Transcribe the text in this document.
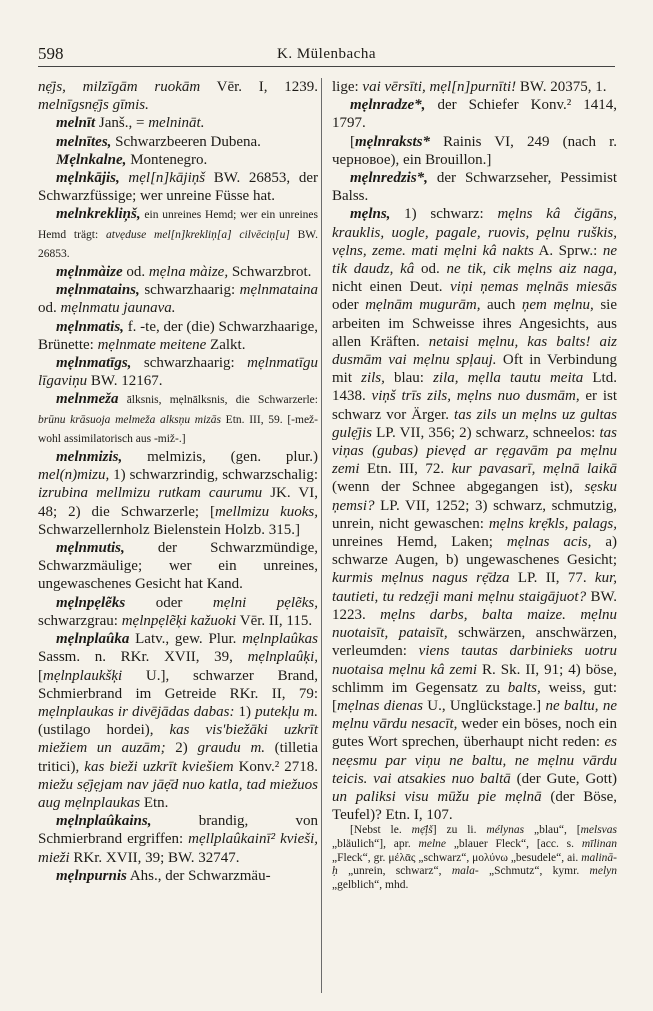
598	K. Mülenbacha

nẹ̄js, milzīgām ruokām Vēr. I, 1239. melnīgsnẹ̄js gīmis.

melnīt Janš., = melnināt.

melnītes, Schwarzbeeren Dubena.

Mẹlnkalne, Montenegro.

mẹlnkājis, mẹl[n]kājiņš BW. 26853, der Schwarzfüssige; wer unreine Füsse hat.

melnkrekliņš, ein unreines Hemd; wer ein unreines Hemd trägt: atvẹduse mel[n]krekliņ[a] cilvēciņ[u] BW. 26853.

mẹlnmàize od. mẹlna màize, Schwarzbrot.

mẹlnmatains, schwarzhaarig: mẹlnmataina od. mẹlnmatu jaunava.

mẹlnmatis, f. -te, der (die) Schwarzhaarige, Brünette: mẹlnmate meitene Zalkt.

mẹlnmatīgs, schwarzhaarig: mẹlnmatīgu līgaviņu BW. 12167.

melnmeža ālksnis, mẹlnālksnis, die Schwarzerle: brūnu krāsuoja melmeža alksņu mizās Etn. III, 59. [-mež- wohl assimilatorisch aus -miž-.]

melnmizis, melmizis, (gen. plur.) mel(n)mizu, 1) schwarzrindig, schwarzschalig: izrubina mellmizu rutkam caurumu JK. VI, 48; 2) die Schwarzerle; [mellmizu kuoks, Schwarzellernholz Bielenstein Holzb. 315.]

mẹlnmutis, der Schwarzmündige, Schwarzmäulige; wer ein unreines, ungewaschenes Gesicht hat Kand.

mẹlnpẹlẽks oder mẹlni pẹlẽks, schwarzgrau: mẹlnpẹlẽķi kažuoki Vēr. II, 115.

mẹlnplaûka Latv., gew. Plur. mẹlnplaûkas Sassm. n. RKr. XVII, 39, mẹlnplaûķi, [mẹlnplaukšķi U.], schwarzer Brand, Schmierbrand im Getreide RKr. II, 79: mẹlnplaukas ir divējādas dabas: 1) putekļu m. (ustilago hordei), kas vis'biežāki uzkrīt miežiem un auzām; 2) graudu m. (tilletia tritici), kas bieži uzkrīt kviešiem Konv.² 2718. miežu sẹ̄jẹjam nav jāẹ̄d nuo katla, tad miežuos aug mẹlnplaukas Etn.

mẹlnplaûkains, brandig, von Schmierbrand ergriffen: mẹllplaûkainī² kvieši, mieži RKr. XVII, 39; BW. 32747.

mẹlnpurnis Ahs., der Schwarzmäu-

lige: vai vērsīti, mẹl[n]purnīti! BW. 20375, 1.

mẹlnradze*, der Schiefer Konv.² 1414, 1797.

[mẹlnraksts* Rainis VI, 249 (nach r. черновое), ein Brouillon.]

mẹlnredzis*, der Schwarzseher, Pessimist Balss.

mẹlns, 1) schwarz: mẹlns kâ čigāns, krauklis, uogle, pagale, ruovis, pẹlnu ruškis, vẹlns, zeme. mati mẹlni kâ nakts A. Sprw.: ne tik daudz, kâ od. ne tik, cik mẹlns aiz naga, nicht einen Deut. viņi ņemas mẹlnās miesās oder mẹlnām mugurām, auch ņem mẹlnu, sie arbeiten im Schweisse ihres Angesichts, aus allen Kräften. netaisi mẹlnu, kas balts! aiz dusmām vai mẹlnu spļauj. Oft in Verbindung mit zils, blau: zila, mẹlla tautu meita Ltd. 1438. viņš trīs zils, mẹlns nuo dusmām, er ist schwarz vor Ärger. tas zils un mẹlns uz gultas gulẹ̄jis LP. VII, 356; 2) schwarz, schneelos: tas viņas (gubas) pievẹd ar rẹgavām pa mẹlnu zemi Etn. III, 72. kur pavasarī, mẹlnā laikā (wenn der Schnee abgegangen ist), sẹsku ņemsi? LP. VII, 1252; 3) schwarz, schmutzig, unrein, nicht gewaschen: mẹlns krẹ̄kls, palags, unreines Hemd, Laken; mẹlnas acis, a) schwarze Augen, b) ungewaschenes Gesicht; kurmis mẹlnus nagus rẹ̄dza LP. II, 77. kur, tautieti, tu redzẹ̄ji mani mẹlnu staigājuot? BW. 1223. mẹlns darbs, balta maize. mẹlnu nuotaisīt, pataisīt, schwärzen, anschwärzen, verleumden: viens tautas darbinieks uotru nuotaisa mẹlnu kâ zemi R. Sk. II, 91; 4) böse, schlimm im Gegensatz zu balts, weiss, gut: [mẹlnas dienas U., Unglückstage.] ne baltu, ne mẹlnu vārdu nesacīt, weder ein böses, noch ein gutes Wort sprechen, überhaupt nicht reden: es neẹsmu par viņu ne baltu, ne mẹlnu vārdu teicis. vai atsakies nuo baltā (der Gute, Gott) un paliksi visu mūžu pie mẹlnā (der Böse, Teufel)? Etn. I, 107.

[Nebst le. mẹ̄ļš] zu li. mélynas „blau“, [melsvas „bläulich“], apr. melne „blauer Fleck“, [acc. s. mīlinan „Fleck“, gr. μέλᾱς „schwarz“, μολύνω „besudele“, ai. malinā-ḥ „unrein, schwarz“, mala- „Schmutz“, kymr. melyn „gelblich“, mhd.
